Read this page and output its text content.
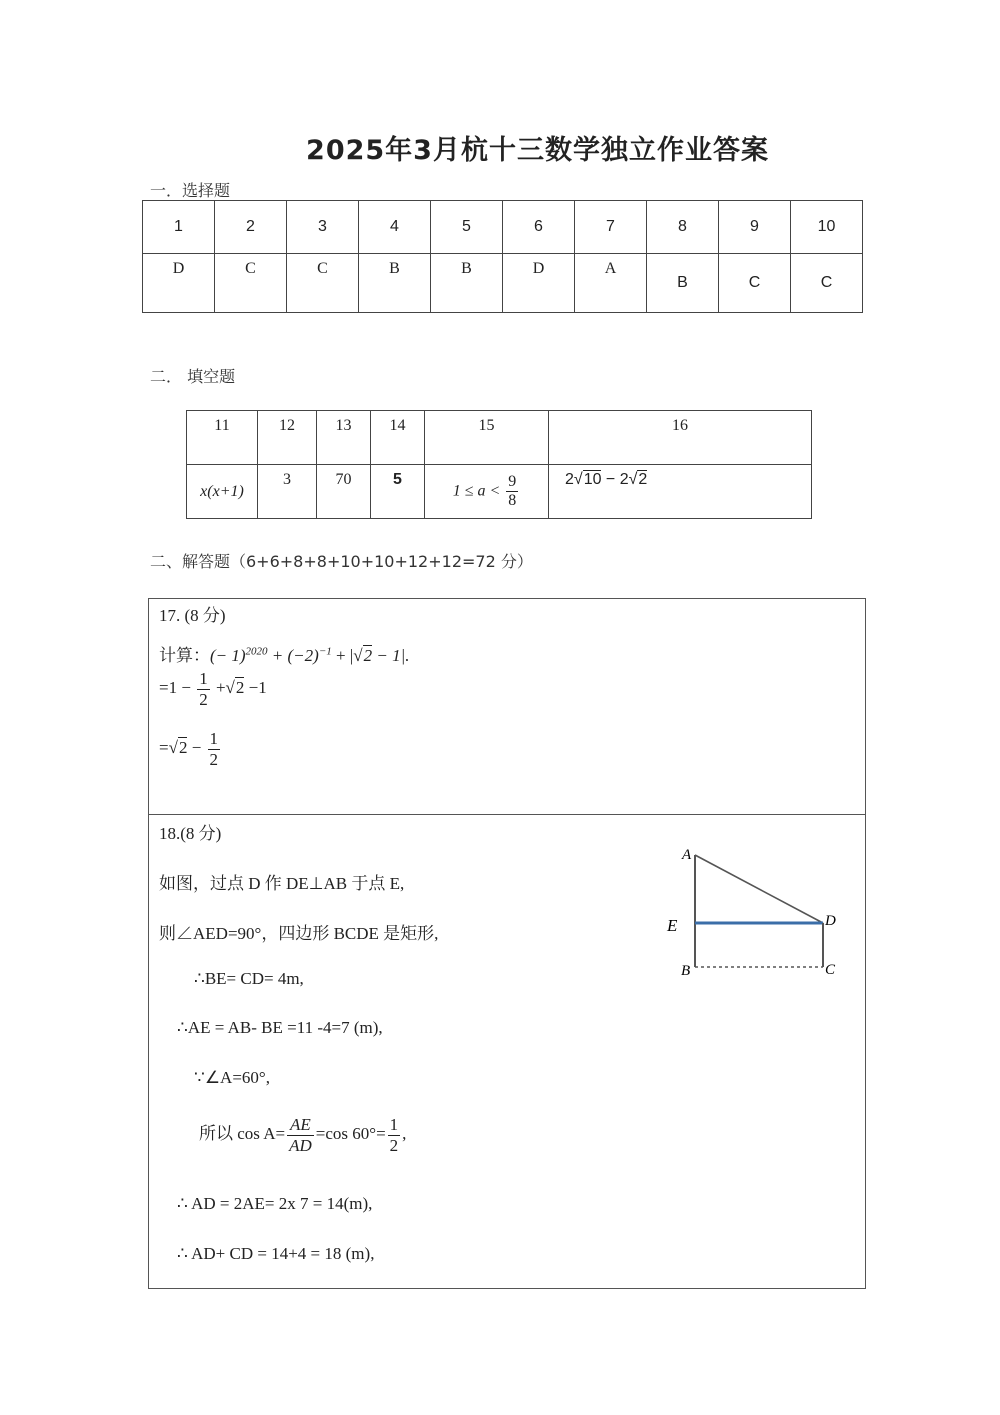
2025年3月杭十三数学独立作业答案
一．选择题
1	2	3	4	5	6	7	8	9	10
D	C	C	B	B	D	A	B	C	C
二． 填空题
11	12	13	14	15	16
x(x+1)	3	70	5	$1 \le a < \frac{9}{8}$	2√10 − 2√2
二、解答题（6+6+8+8+10+10+12+12=72 分）
17. (8 分)
计算：(− $1)^{2020} + (-2)^{-1} + |√2 - 1|$.
$=1 - \frac{1}{2} +√2 -1$
$=√2 - \frac{1}{2}$
18.(8 分)
如图，过点 D 作 DE⊥AB 于点 E,
则∠AED=90°，四边形 BCDE 是矩形,
∴BE= CD= 4m,
∴AE = AB- BE =11 -4=7 (m),
∵∠A=60°,
所以 $\cos A= \frac{AE}{AD} =\cos$ $60^\circ= \frac{1}{2}$ ,
∴ AD = 2AE= 2x 7 = 14(m),
∴ AD+ CD = 14+4 = 18 (m),
A
E
B
D
C
